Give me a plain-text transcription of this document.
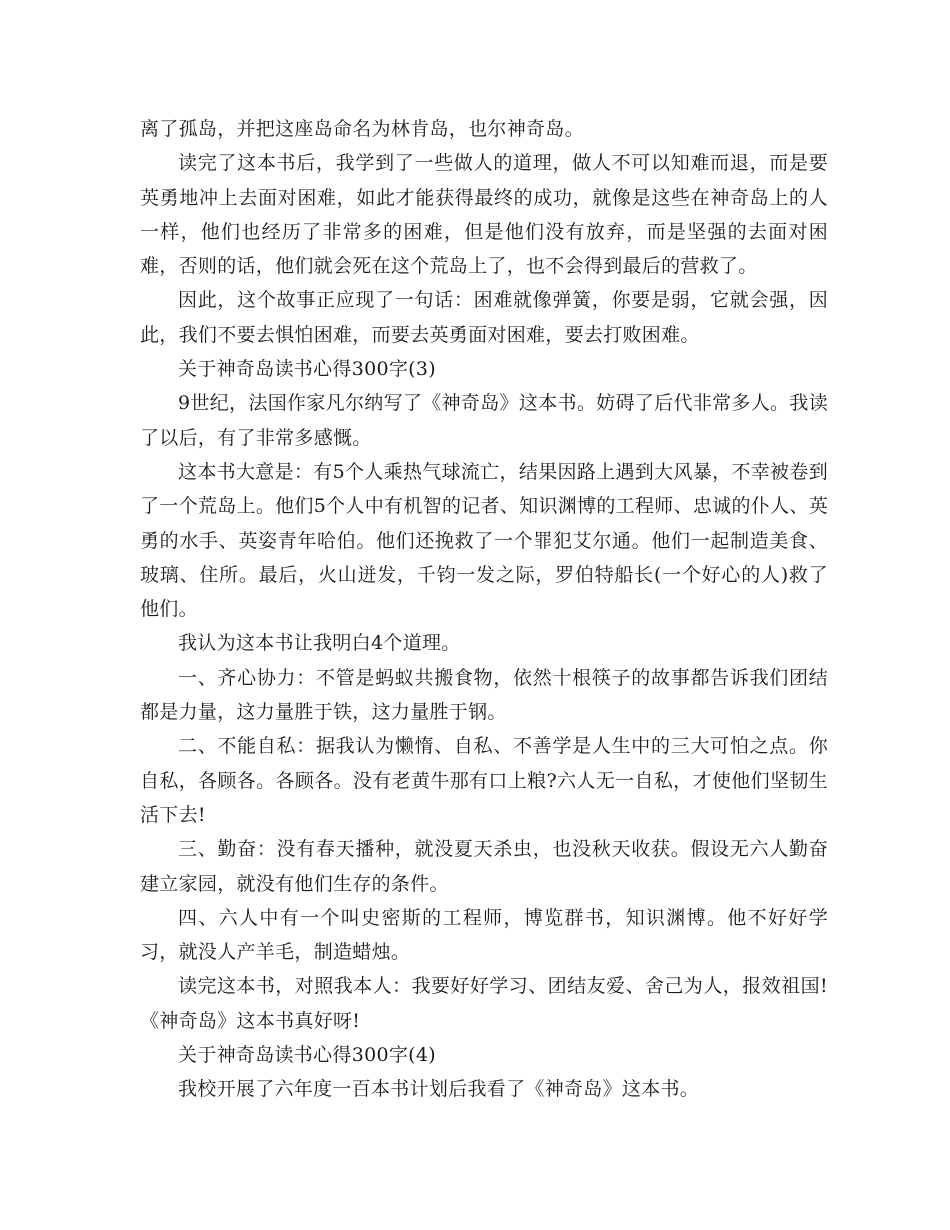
离了孤岛，并把这座岛命名为林肯岛，也尔神奇岛。

读完了这本书后，我学到了一些做人的道理，做人不可以知难而退，而是要英勇地冲上去面对困难，如此才能获得最终的成功，就像是这些在神奇岛上的人一样，他们也经历了非常多的困难，但是他们没有放弃，而是坚强的去面对困难，否则的话，他们就会死在这个荒岛上了，也不会得到最后的营救了。

因此，这个故事正应现了一句话：困难就像弹簧，你要是弱，它就会强，因此，我们不要去惧怕困难，而要去英勇面对困难，要去打败困难。

关于神奇岛读书心得300字(3)

9世纪，法国作家凡尔纳写了《神奇岛》这本书。妨碍了后代非常多人。我读了以后，有了非常多感慨。

这本书大意是：有5个人乘热气球流亡，结果因路上遇到大风暴，不幸被卷到了一个荒岛上。他们5个人中有机智的记者、知识渊博的工程师、忠诚的仆人、英勇的水手、英姿青年哈伯。他们还挽救了一个罪犯艾尔通。他们一起制造美食、玻璃、住所。最后，火山迸发，千钧一发之际，罗伯特船长(一个好心的人)救了他们。

我认为这本书让我明白4个道理。

一、齐心协力：不管是蚂蚁共搬食物，依然十根筷子的故事都告诉我们团结都是力量，这力量胜于铁，这力量胜于钢。

二、不能自私：据我认为懒惰、自私、不善学是人生中的三大可怕之点。你自私，各顾各。各顾各。没有老黄牛那有口上粮?六人无一自私，才使他们坚韧生活下去!

三、勤奋：没有春天播种，就没夏天杀虫，也没秋天收获。假设无六人勤奋建立家园，就没有他们生存的条件。

四、六人中有一个叫史密斯的工程师，博览群书，知识渊博。他不好好学习，就没人产羊毛，制造蜡烛。

读完这本书，对照我本人：我要好好学习、团结友爱、舍己为人，报效祖国!《神奇岛》这本书真好呀!

关于神奇岛读书心得300字(4)

我校开展了六年度一百本书计划后我看了《神奇岛》这本书。
